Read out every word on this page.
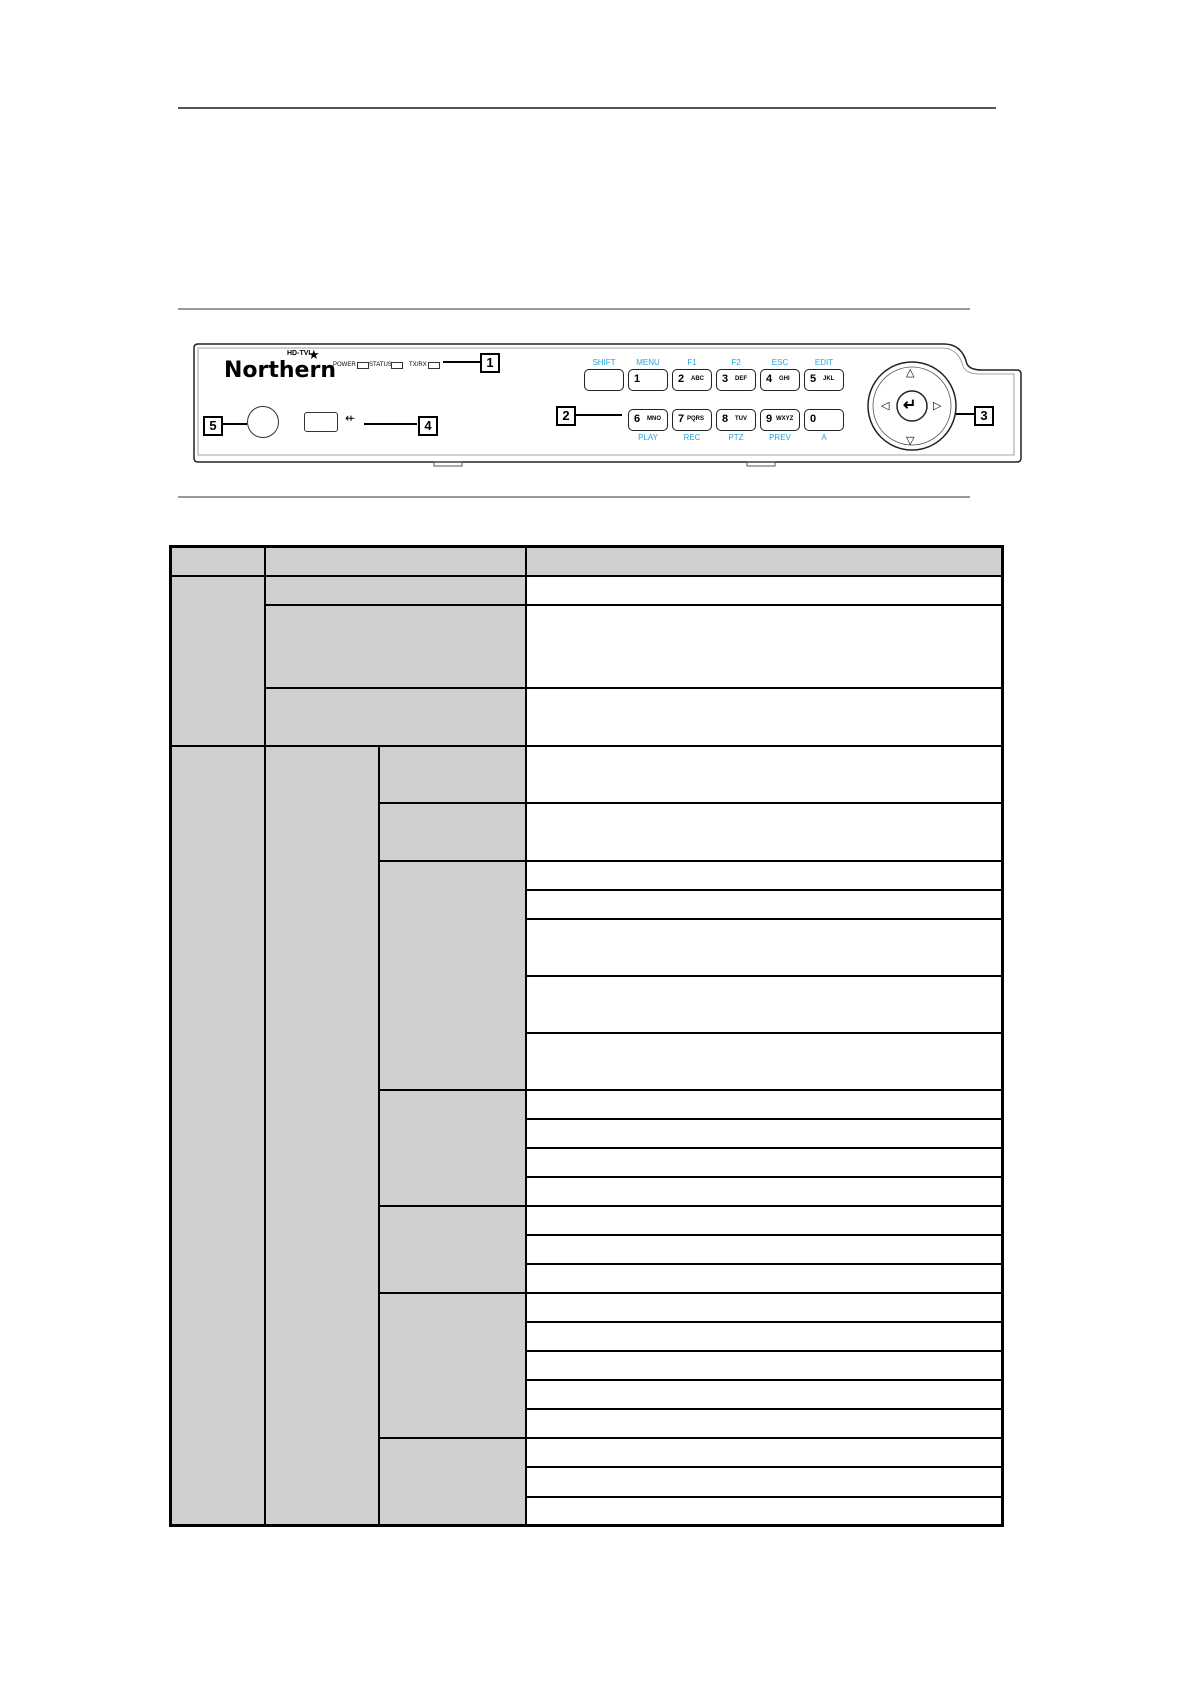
Northern
HD-TVI
★
POWER STATUS	TX/RX	1
2	3
4
5	⇷
SHIFT	MENU	F1	F2	ESC	EDIT
1	2 ABC 3 DEF 4 GHI 5 JKL
6 MNO 7 PQRS 8 TUV 9 WXYZ 0
PLAY	REC	PTZ	PREV	A
△
▽
◁	▷
↵
